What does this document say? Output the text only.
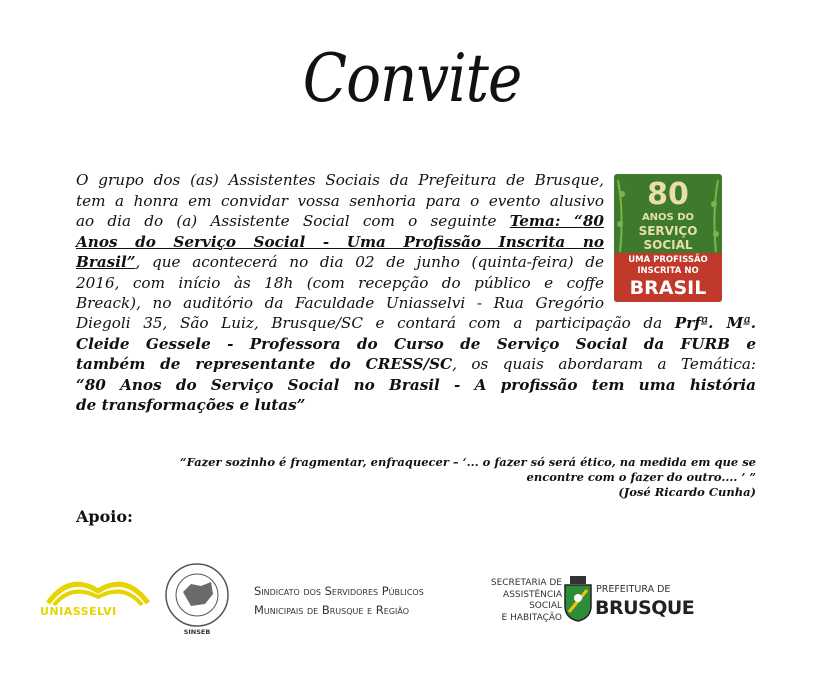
Convite
O grupo dos (as) Assistentes Sociais da Prefeitura de Brusque,
tem a honra em convidar vossa senhoria para o evento alusivo
ao dia do (a) Assistente Social com o seguinte Tema: “80
Anos do Serviço Social - Uma Profissão Inscrita no
Brasil”, que acontecerá no dia 02 de junho (quinta-feira) de
2016, com início às 18h (com recepção do público e coffe
Breack), no auditório da Faculdade Uniasselvi - Rua Gregório
Diegoli 35, São Luiz, Brusque/SC e contará com a participação da Prfª. Mª.
Cleide Gessele - Professora do Curso de Serviço Social da FURB e
também de representante do CRESS/SC, os quais abordaram a Temática:
“80 Anos do Serviço Social no Brasil - A profissão tem uma história
de transformações e lutas”
80
ANOS DO
SERVIÇO
SOCIAL
UMA PROFISSÃO
INSCRITA NO
BRASIL
“Fazer sozinho é fragmentar, enfraquecer – ‘... o fazer só será ético, na medida em que se
encontre com o fazer do outro.... ’ ”
(José Ricardo Cunha)
Apoio:
UNIASSELVI
SINSEB
Sindicato dos Servidores Públicos
Municipais de Brusque e Região
SECRETARIA DE
ASSISTÊNCIA SOCIAL
E HABITAÇÃO
PREFEITURA DE
BRUSQUE
